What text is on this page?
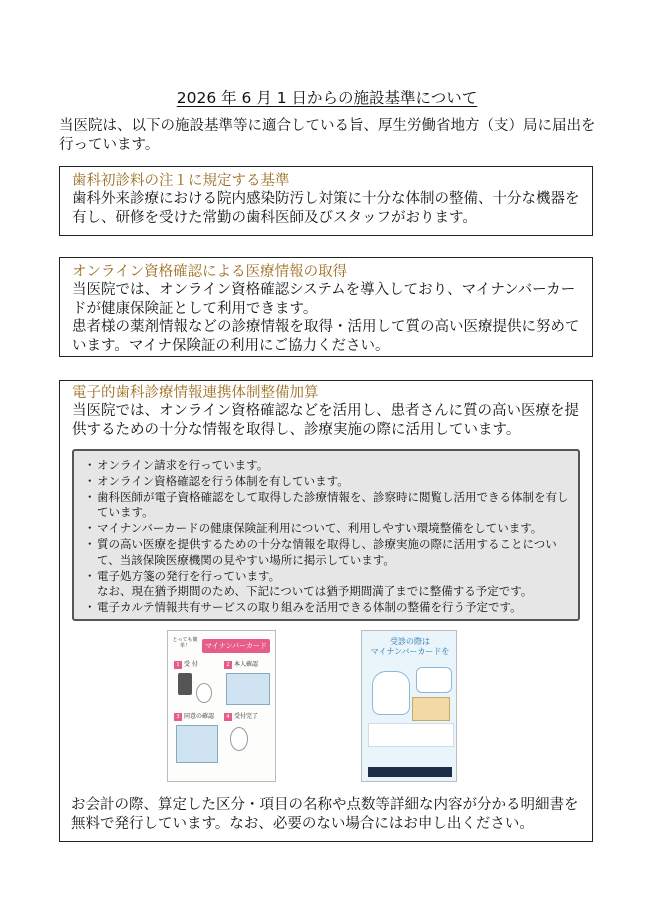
2026 年 6 月 1 日からの施設基準について
当医院は、以下の施設基準等に適合している旨、厚生労働省地方（支）局に届出を行っています。
歯科初診料の注１に規定する基準

歯科外来診療における院内感染防汚し対策に十分な体制の整備、十分な機器を有し、研修を受けた常勤の歯科医師及びスタッフがおります。

オンライン資格確認による医療情報の取得

当医院では、オンライン資格確認システムを導入しており、マイナンバーカードが健康保険証として利用できます。

患者様の薬剤情報などの診療情報を取得・活用して質の高い医療提供に努めています。マイナ保険証の利用にご協力ください。

電子的歯科診療情報連携体制整備加算

当医院では、オンライン資格確認などを活用し、患者さんに質の高い医療を提供するための十分な情報を取得し、診療実施の際に活用しています。

・ オンライン請求を行っています。
・ オンライン資格確認を行う体制を有しています。
・ 歯科医師が電子資格確認をして取得した診療情報を、診察時に閲覧し活用できる体制を有しています。
・ マイナンバーカードの健康保険証利用について、利用しやすい環境整備をしています。
・ 質の高い医療を提供するための十分な情報を取得し、診療実施の際に活用することについて、当該保険医療機関の見やすい場所に掲示しています。
・ 電子処方箋の発行を行っています。
なお、現在猶予期間のため、下記については猶予期間満了までに整備する予定です。
・ 電子カルテ情報共有サービスの取り組みを活用できる体制の整備を行う予定です。
とっても簡単！	マイナンバーカード
1 受 付	2 本人確認
3 同意の確認	4 受付完了
受診の際は
マイナンバーカードを

お会計の際、算定した区分・項目の名称や点数等詳細な内容が分かる明細書を無料で発行しています。なお、必要のない場合にはお申し出ください。
